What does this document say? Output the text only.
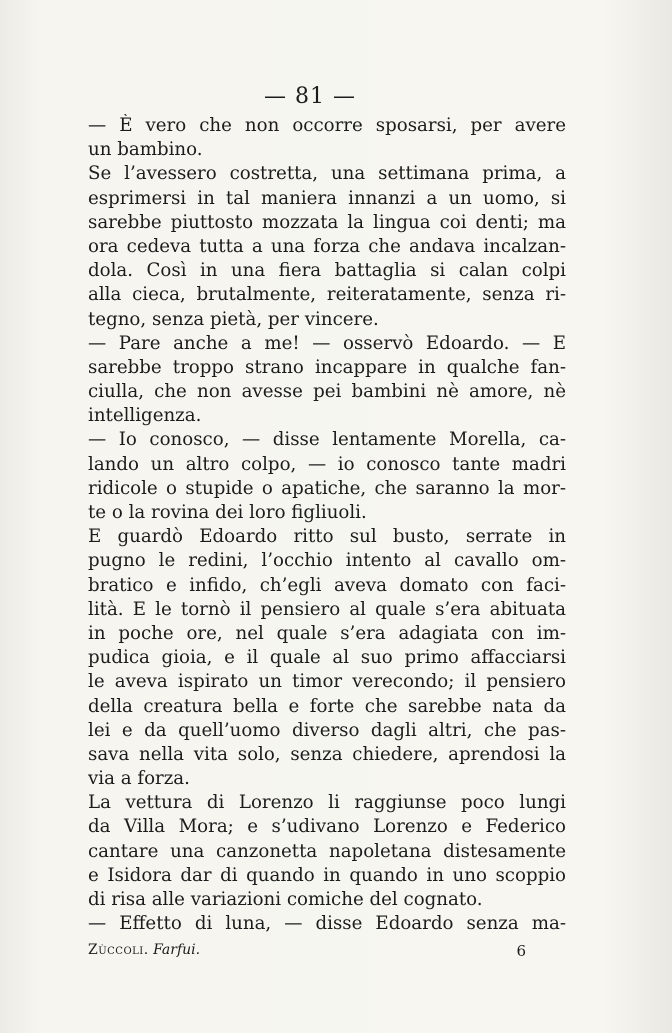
— 81 —
— È vero che non occorre sposarsi, per avere
un bambino.
Se l’avessero costretta, una settimana prima, a
esprimersi in tal maniera innanzi a un uomo, si
sarebbe piuttosto mozzata la lingua coi denti; ma
ora cedeva tutta a una forza che andava incalzan-
dola. Così in una fiera battaglia si calan colpi
alla cieca, brutalmente, reiteratamente, senza ri-
tegno, senza pietà, per vincere.
— Pare anche a me! — osservò Edoardo. — E
sarebbe troppo strano incappare in qualche fan-
ciulla, che non avesse pei bambini nè amore, nè
intelligenza.
— Io conosco, — disse lentamente Morella, ca-
lando un altro colpo, — io conosco tante madri
ridicole o stupide o apatiche, che saranno la mor-
te o la rovina dei loro figliuoli.
E guardò Edoardo ritto sul busto, serrate in
pugno le redini, l’occhio intento al cavallo om-
bratico e infido, ch’egli aveva domato con faci-
lità. E le tornò il pensiero al quale s’era abituata
in poche ore, nel quale s’era adagiata con im-
pudica gioia, e il quale al suo primo affacciarsi
le aveva ispirato un timor verecondo; il pensiero
della creatura bella e forte che sarebbe nata da
lei e da quell’uomo diverso dagli altri, che pas-
sava nella vita solo, senza chiedere, aprendosi la
via a forza.
La vettura di Lorenzo li raggiunse poco lungi
da Villa Mora; e s’udivano Lorenzo e Federico
cantare una canzonetta napoletana distesamente
e Isidora dar di quando in quando in uno scoppio
di risa alle variazioni comiche del cognato.
— Effetto di luna, — disse Edoardo senza ma-
Zùccoli. Farfui.	6
